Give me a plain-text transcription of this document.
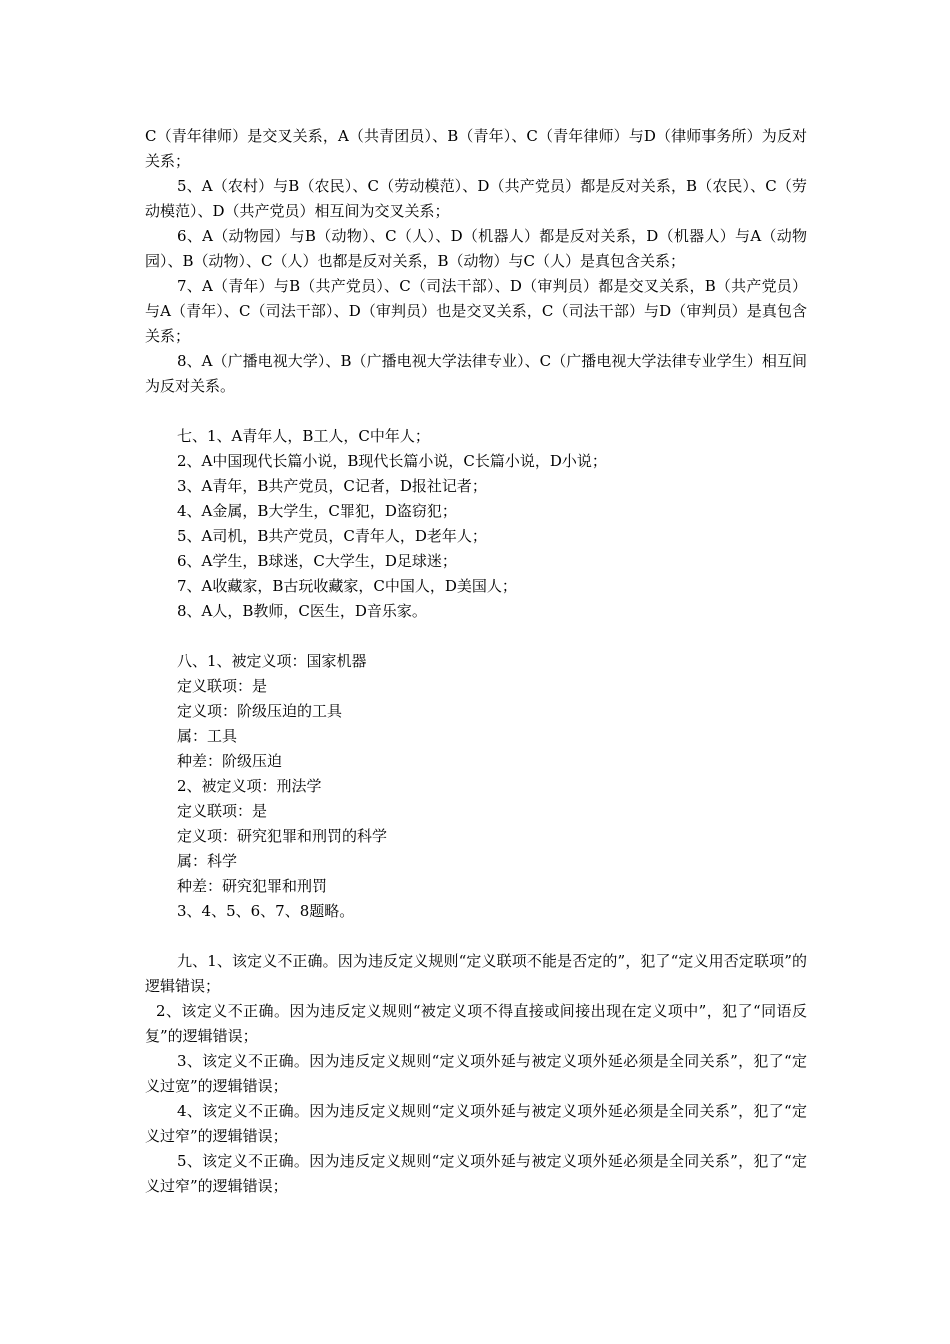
C（青年律师）是交叉关系，A（共青团员）、B（青年）、C（青年律师）与D（律师事务所）为反对关系；

5、A（农村）与B（农民）、C（劳动模范）、D（共产党员）都是反对关系，B（农民）、C（劳动模范）、D（共产党员）相互间为交叉关系；

6、A（动物园）与B（动物）、C（人）、D（机器人）都是反对关系，D（机器人）与A（动物园）、B（动物）、C（人）也都是反对关系，B（动物）与C（人）是真包含关系；

7、A（青年）与B（共产党员）、C（司法干部）、D（审判员）都是交叉关系，B（共产党员）与A（青年）、C（司法干部）、D（审判员）也是交叉关系，C（司法干部）与D（审判员）是真包含关系；

8、A（广播电视大学）、B（广播电视大学法律专业）、C（广播电视大学法律专业学生）相互间为反对关系。

七、1、A青年人，B工人，C中年人；

2、A中国现代长篇小说，B现代长篇小说，C长篇小说，D小说；

3、A青年，B共产党员，C记者，D报社记者；

4、A金属，B大学生，C罪犯，D盗窃犯；

5、A司机，B共产党员，C青年人，D老年人；

6、A学生，B球迷，C大学生，D足球迷；

7、A收藏家，B古玩收藏家，C中国人，D美国人；

8、A人，B教师，C医生，D音乐家。

八、1、被定义项：国家机器

定义联项：是

定义项：阶级压迫的工具

属：工具

种差：阶级压迫

2、被定义项：刑法学

定义联项：是

定义项：研究犯罪和刑罚的科学

属：科学

种差：研究犯罪和刑罚

3、4、5、6、7、8题略。

九、1、该定义不正确。因为违反定义规则“定义联项不能是否定的”，犯了“定义用否定联项”的逻辑错误；

2、该定义不正确。因为违反定义规则“被定义项不得直接或间接出现在定义项中”，犯了“同语反复”的逻辑错误；

3、该定义不正确。因为违反定义规则“定义项外延与被定义项外延必须是全同关系”，犯了“定义过宽”的逻辑错误；

4、该定义不正确。因为违反定义规则“定义项外延与被定义项外延必须是全同关系”，犯了“定义过窄”的逻辑错误；

5、该定义不正确。因为违反定义规则“定义项外延与被定义项外延必须是全同关系”，犯了“定义过窄”的逻辑错误；
